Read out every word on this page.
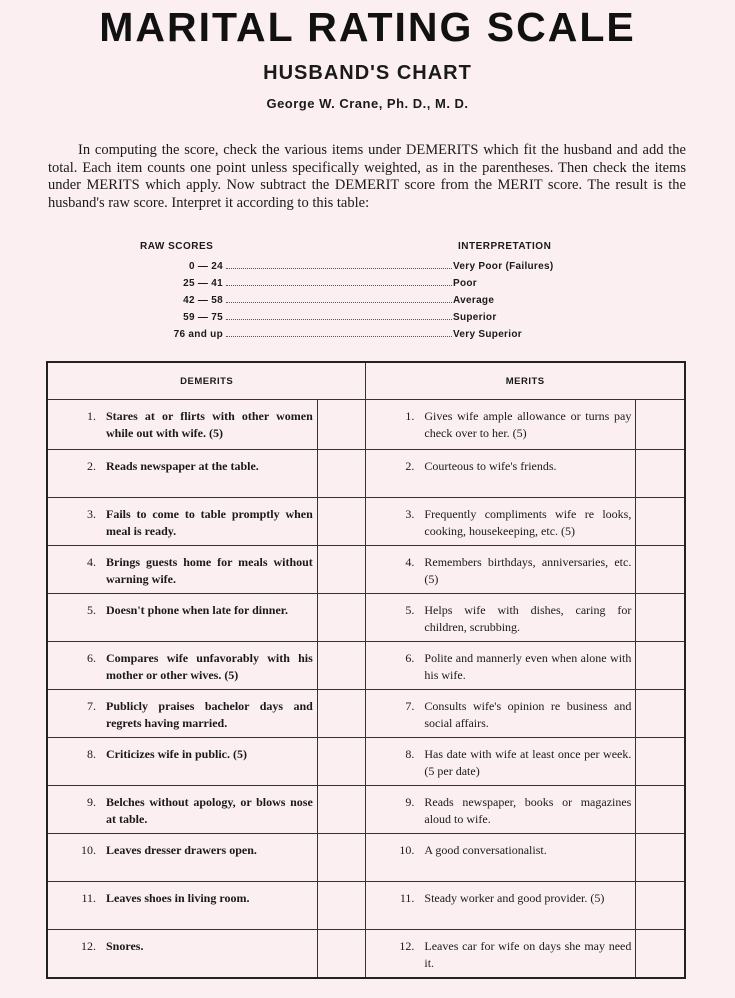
MARITAL RATING SCALE
HUSBAND'S CHART
George W. Crane, Ph. D., M. D.
In computing the score, check the various items under DEMERITS which fit the husband and add the total. Each item counts one point unless specifically weighted, as in the parentheses. Then check the items under MERITS which apply. Now subtract the DEMERIT score from the MERIT score. The result is the husband's raw score. Interpret it according to this table:
RAW SCORES	INTERPRETATION
0 — 24	Very Poor (Failures)
25 — 41	Poor
42 — 58	Average
59 — 75	Superior
76 and up	Very Superior
DEMERITS		MERITS	

1. Stares at or flirts with other women while out with wife. (5)		1. Gives wife ample allowance or turns pay check over to her. (5)	

2. Reads newspaper at the table.		2. Courteous to wife's friends.	

3. Fails to come to table promptly when meal is ready.		3. Frequently compliments wife re looks, cooking, housekeeping, etc. (5)	

4. Brings guests home for meals without warning wife.		4. Remembers birthdays, anniversaries, etc. (5)	

5. Doesn't phone when late for dinner.		5. Helps wife with dishes, caring for children, scrubbing.	

6. Compares wife unfavorably with his mother or other wives. (5)		6. Polite and mannerly even when alone with his wife.	

7. Publicly praises bachelor days and regrets having married.		7. Consults wife's opinion re business and social affairs.	

8. Criticizes wife in public. (5)		8. Has date with wife at least once per week. (5 per date)	

9. Belches without apology, or blows nose at table.		9. Reads newspaper, books or magazines aloud to wife.	

10. Leaves dresser drawers open.		10. A good conversationalist.	

11. Leaves shoes in living room.		11. Steady worker and good provider. (5)	

12. Snores.		12. Leaves car for wife on days she may need it.	
